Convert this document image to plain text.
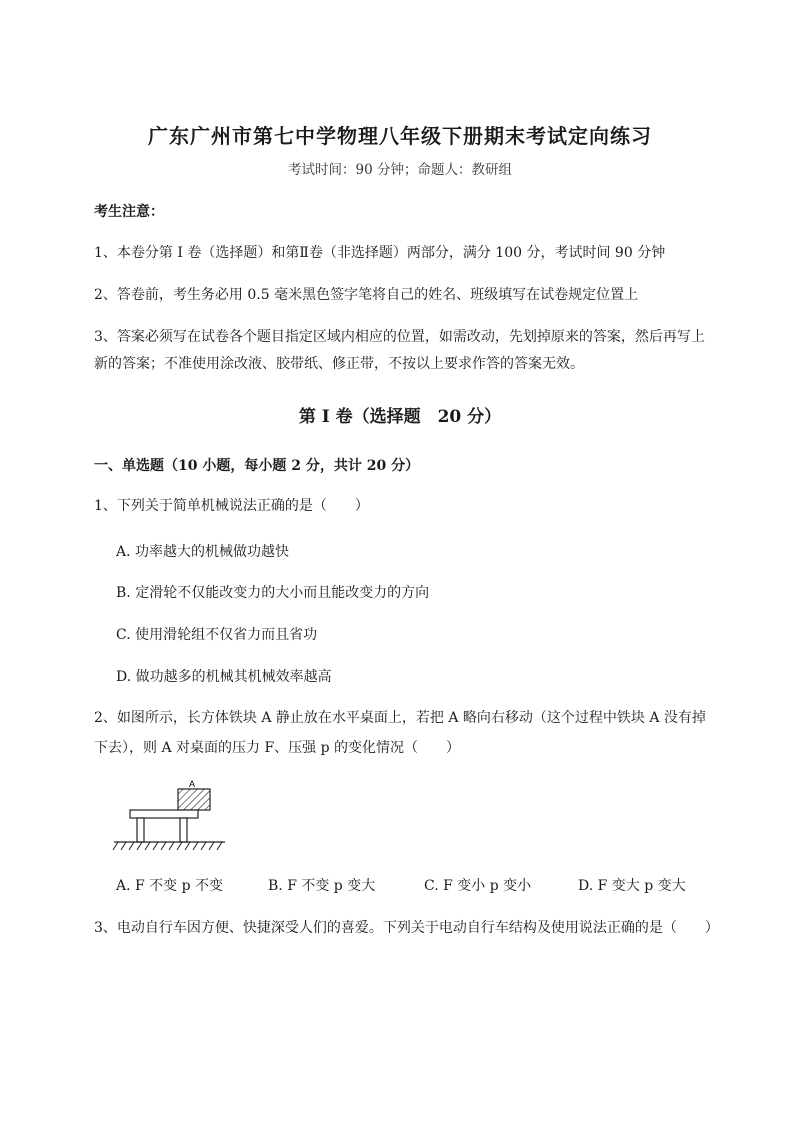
广东广州市第七中学物理八年级下册期末考试定向练习
考试时间：90 分钟；命题人：教研组
考生注意：
1、本卷分第 I 卷（选择题）和第Ⅱ卷（非选择题）两部分，满分 100 分，考试时间 90 分钟
2、答卷前，考生务必用 0.5 毫米黑色签字笔将自己的姓名、班级填写在试卷规定位置上
3、答案必须写在试卷各个题目指定区域内相应的位置，如需改动，先划掉原来的答案，然后再写上新的答案；不准使用涂改液、胶带纸、修正带，不按以上要求作答的答案无效。
第 I 卷（选择题　20 分）
一、单选题（10 小题，每小题 2 分，共计 20 分）
1、下列关于简单机械说法正确的是（　　）
A. 功率越大的机械做功越快
B. 定滑轮不仅能改变力的大小而且能改变力的方向
C. 使用滑轮组不仅省力而且省功
D. 做功越多的机械其机械效率越高
2、如图所示，长方体铁块 A 静止放在水平桌面上，若把 A 略向右移动（这个过程中铁块 A 没有掉下去），则 A 对桌面的压力 F、压强 p 的变化情况（　　）
A
A. F 不变 p 不变	B. F 不变 p 变大	C. F 变小 p 变小	D. F 变大 p 变大
3、电动自行车因方便、快捷深受人们的喜爱。下列关于电动自行车结构及使用说法正确的是（　　）
